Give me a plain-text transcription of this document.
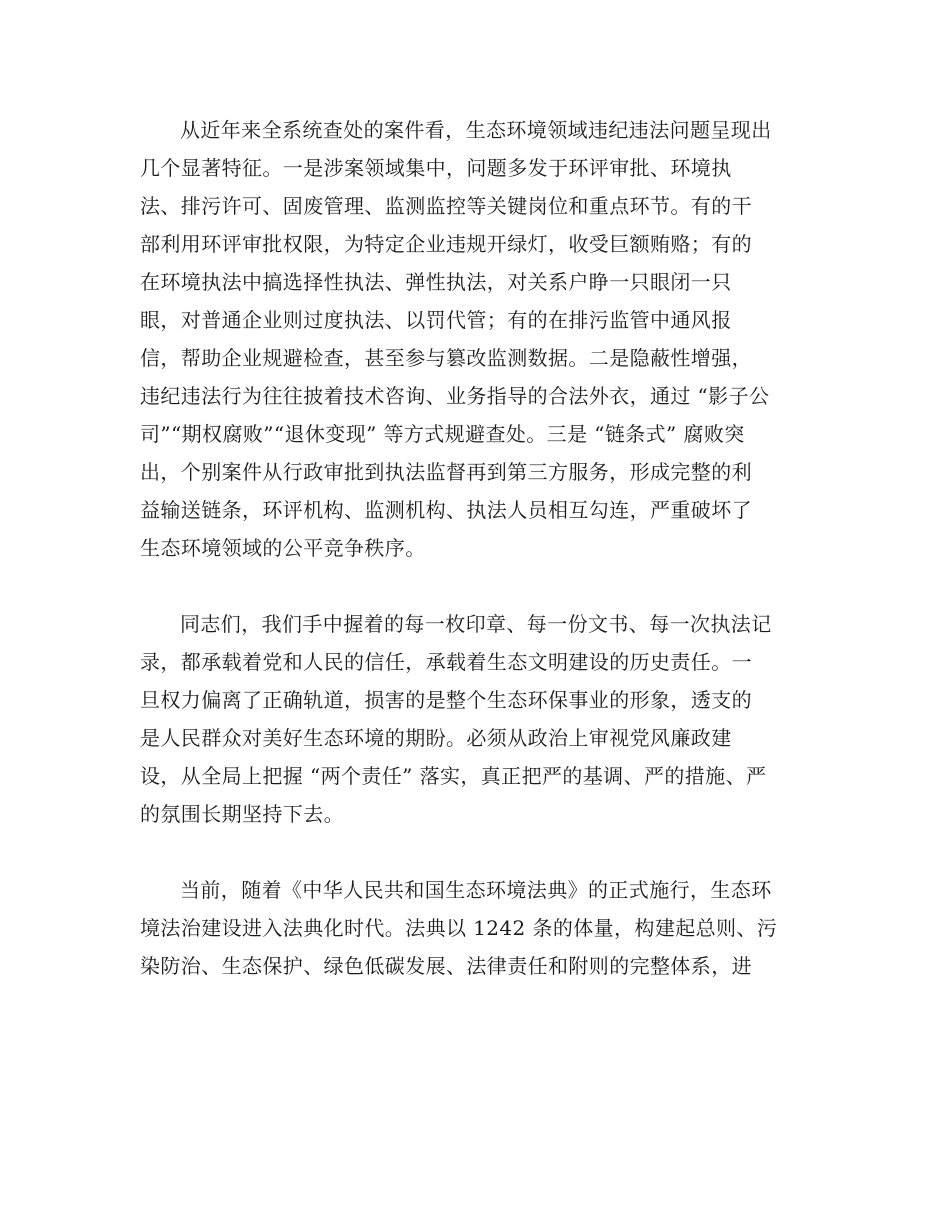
从近年来全系统查处的案件看，生态环境领域违纪违法问题呈现出
几个显著特征。一是涉案领域集中，问题多发于环评审批、环境执
法、排污许可、固废管理、监测监控等关键岗位和重点环节。有的干
部利用环评审批权限，为特定企业违规开绿灯，收受巨额贿赂；有的
在环境执法中搞选择性执法、弹性执法，对关系户睁一只眼闭一只
眼，对普通企业则过度执法、以罚代管；有的在排污监管中通风报
信，帮助企业规避检查，甚至参与篡改监测数据。二是隐蔽性增强，
违纪违法行为往往披着技术咨询、业务指导的合法外衣，通过 “影子公
司”“期权腐败”“退休变现” 等方式规避查处。三是 “链条式” 腐败突
出，个别案件从行政审批到执法监督再到第三方服务，形成完整的利
益输送链条，环评机构、监测机构、执法人员相互勾连，严重破坏了
生态环境领域的公平竞争秩序。

同志们，我们手中握着的每一枚印章、每一份文书、每一次执法记
录，都承载着党和人民的信任，承载着生态文明建设的历史责任。一
旦权力偏离了正确轨道，损害的是整个生态环保事业的形象，透支的
是人民群众对美好生态环境的期盼。必须从政治上审视党风廉政建
设，从全局上把握 “两个责任” 落实，真正把严的基调、严的措施、严
的氛围长期坚持下去。

当前，随着《中华人民共和国生态环境法典》的正式施行，生态环
境法治建设进入法典化时代。法典以 1242 条的体量，构建起总则、污
染防治、生态保护、绿色低碳发展、法律责任和附则的完整体系，进
